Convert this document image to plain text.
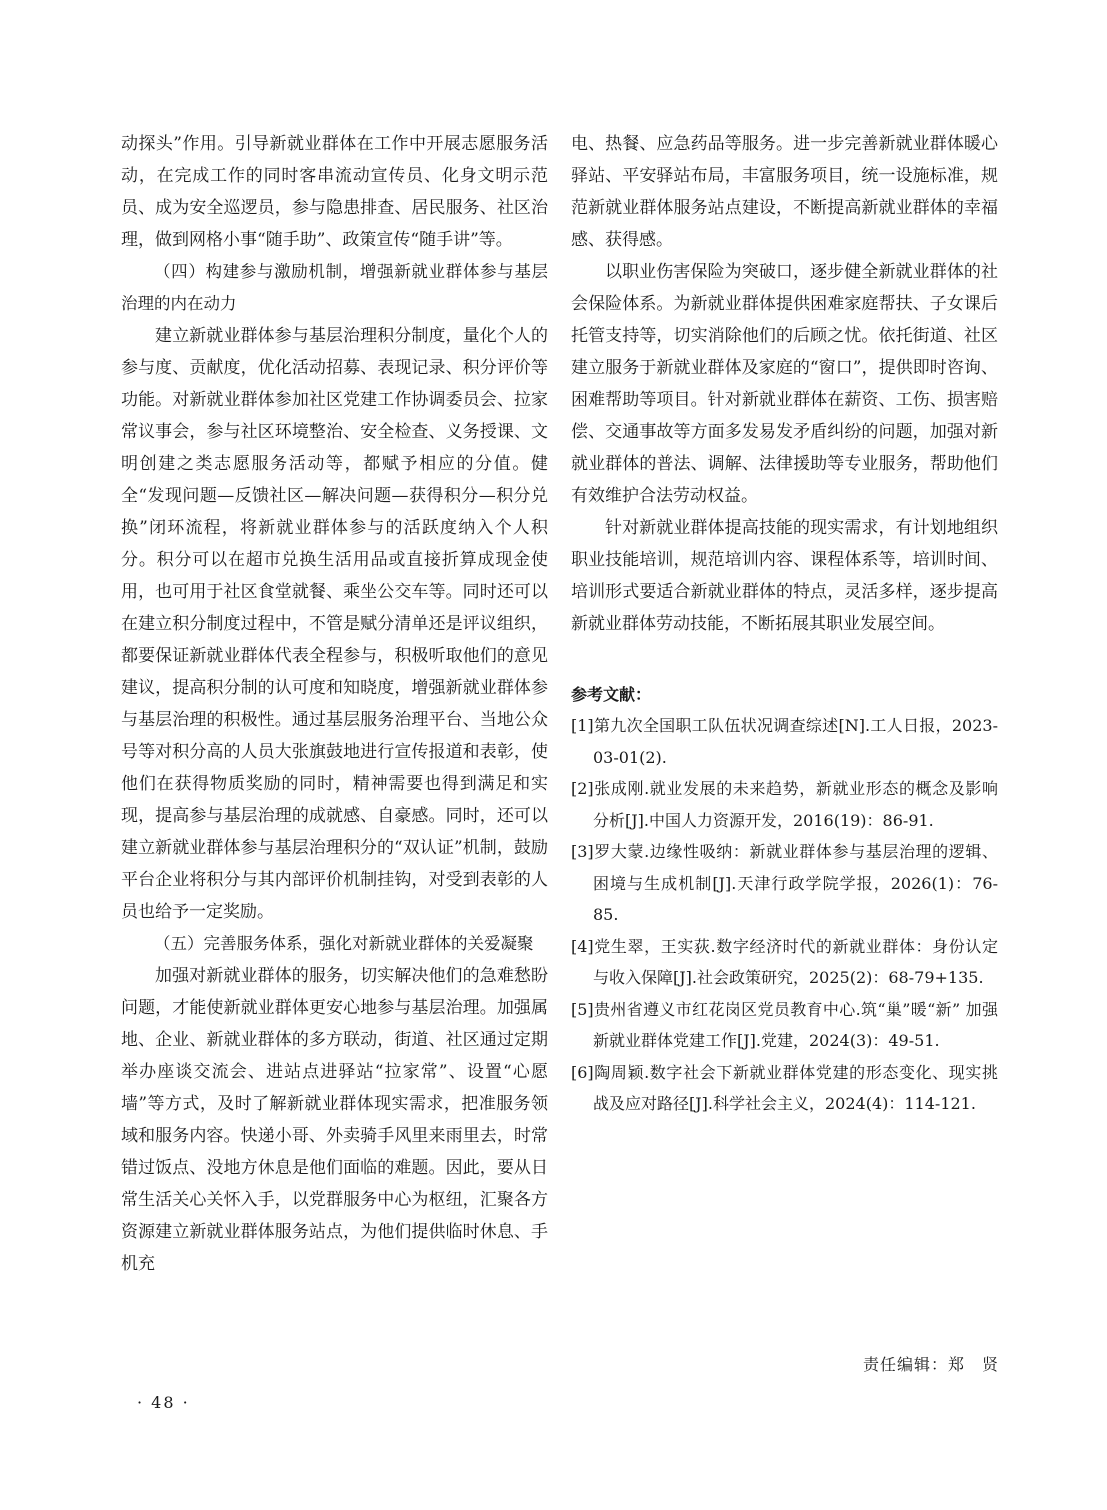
动探头”作用。引导新就业群体在工作中开展志愿服务活动，在完成工作的同时客串流动宣传员、化身文明示范员、成为安全巡逻员，参与隐患排查、居民服务、社区治理，做到网格小事“随手助”、政策宣传“随手讲”等。

（四）构建参与激励机制，增强新就业群体参与基层治理的内在动力

建立新就业群体参与基层治理积分制度，量化个人的参与度、贡献度，优化活动招募、表现记录、积分评价等功能。对新就业群体参加社区党建工作协调委员会、拉家常议事会，参与社区环境整治、安全检查、义务授课、文明创建之类志愿服务活动等，都赋予相应的分值。健全“发现问题—反馈社区—解决问题—获得积分—积分兑换”闭环流程，将新就业群体参与的活跃度纳入个人积分。积分可以在超市兑换生活用品或直接折算成现金使用，也可用于社区食堂就餐、乘坐公交车等。同时还可以在建立积分制度过程中，不管是赋分清单还是评议组织，都要保证新就业群体代表全程参与，积极听取他们的意见建议，提高积分制的认可度和知晓度，增强新就业群体参与基层治理的积极性。通过基层服务治理平台、当地公众号等对积分高的人员大张旗鼓地进行宣传报道和表彰，使他们在获得物质奖励的同时，精神需要也得到满足和实现，提高参与基层治理的成就感、自豪感。同时，还可以建立新就业群体参与基层治理积分的“双认证”机制，鼓励平台企业将积分与其内部评价机制挂钩，对受到表彰的人员也给予一定奖励。

（五）完善服务体系，强化对新就业群体的关爱凝聚

加强对新就业群体的服务，切实解决他们的急难愁盼问题，才能使新就业群体更安心地参与基层治理。加强属地、企业、新就业群体的多方联动，街道、社区通过定期举办座谈交流会、进站点进驿站“拉家常”、设置“心愿墙”等方式，及时了解新就业群体现实需求，把准服务领域和服务内容。快递小哥、外卖骑手风里来雨里去，时常错过饭点、没地方休息是他们面临的难题。因此，要从日常生活关心关怀入手，以党群服务中心为枢纽，汇聚各方资源建立新就业群体服务站点，为他们提供临时休息、手机充

电、热餐、应急药品等服务。进一步完善新就业群体暖心驿站、平安驿站布局，丰富服务项目，统一设施标准，规范新就业群体服务站点建设，不断提高新就业群体的幸福感、获得感。

以职业伤害保险为突破口，逐步健全新就业群体的社会保险体系。为新就业群体提供困难家庭帮扶、子女课后托管支持等，切实消除他们的后顾之忧。依托街道、社区建立服务于新就业群体及家庭的“窗口”，提供即时咨询、困难帮助等项目。针对新就业群体在薪资、工伤、损害赔偿、交通事故等方面多发易发矛盾纠纷的问题，加强对新就业群体的普法、调解、法律援助等专业服务，帮助他们有效维护合法劳动权益。

针对新就业群体提高技能的现实需求，有计划地组织职业技能培训，规范培训内容、课程体系等，培训时间、培训形式要适合新就业群体的特点，灵活多样，逐步提高新就业群体劳动技能，不断拓展其职业发展空间。

参考文献：
[1]第九次全国职工队伍状况调查综述[N].工人日报，2023-03-01(2).
[2]张成刚.就业发展的未来趋势，新就业形态的概念及影响分析[J].中国人力资源开发，2016(19)：86-91.
[3]罗大蒙.边缘性吸纳：新就业群体参与基层治理的逻辑、困境与生成机制[J].天津行政学院学报，2026(1)：76-85.
[4]党生翠，王实荻.数字经济时代的新就业群体：身份认定与收入保障[J].社会政策研究，2025(2)：68-79+135.
[5]贵州省遵义市红花岗区党员教育中心.筑“巢”暖“新” 加强新就业群体党建工作[J].党建，2024(3)：49-51.
[6]陶周颖.数字社会下新就业群体党建的形态变化、现实挑战及应对路径[J].科学社会主义，2024(4)：114-121.
责任编辑：郑　贤
· 48 ·
